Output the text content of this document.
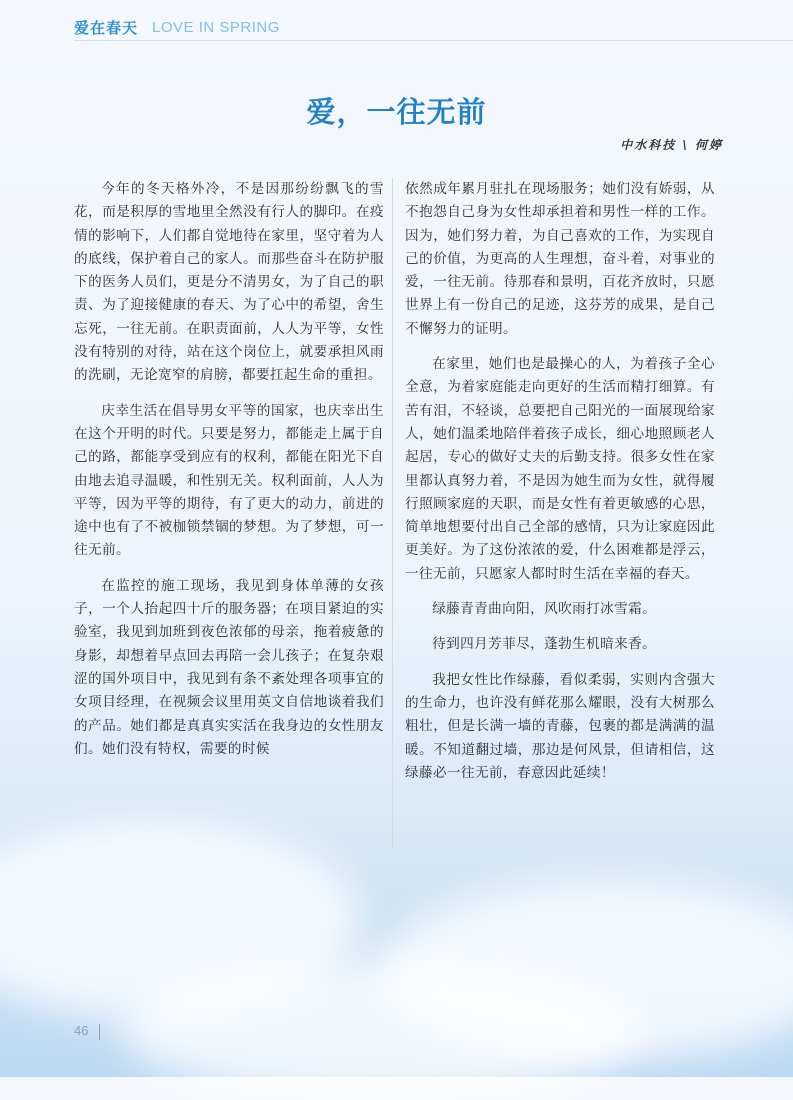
爱在春天 LOVE IN SPRING
爱，一往无前
中水科技 \ 何婷

今年的冬天格外冷，不是因那纷纷飘飞的雪花，而是积厚的雪地里全然没有行人的脚印。在疫情的影响下，人们都自觉地待在家里，坚守着为人的底线，保护着自己的家人。而那些奋斗在防护服下的医务人员们，更是分不清男女，为了自己的职责、为了迎接健康的春天、为了心中的希望，舍生忘死，一往无前。在职责面前，人人为平等，女性没有特别的对待，站在这个岗位上，就要承担风雨的洗刷，无论宽窄的肩膀，都要扛起生命的重担。

庆幸生活在倡导男女平等的国家，也庆幸出生在这个开明的时代。只要是努力，都能走上属于自己的路，都能享受到应有的权利，都能在阳光下自由地去追寻温暖，和性别无关。权利面前，人人为平等，因为平等的期待，有了更大的动力，前进的途中也有了不被枷锁禁锢的梦想。为了梦想，可一往无前。

在监控的施工现场，我见到身体单薄的女孩子，一个人抬起四十斤的服务器；在项目紧迫的实验室，我见到加班到夜色浓郁的母亲，拖着疲惫的身影，却想着早点回去再陪一会儿孩子；在复杂艰涩的国外项目中，我见到有条不紊处理各项事宜的女项目经理，在视频会议里用英文自信地谈着我们的产品。她们都是真真实实活在我身边的女性朋友们。她们没有特权，需要的时候

依然成年累月驻扎在现场服务；她们没有娇弱，从不抱怨自己身为女性却承担着和男性一样的工作。因为，她们努力着，为自己喜欢的工作，为实现自己的价值，为更高的人生理想，奋斗着，对事业的爱，一往无前。待那春和景明，百花齐放时，只愿世界上有一份自己的足迹，这芬芳的成果，是自己不懈努力的证明。

在家里，她们也是最操心的人，为着孩子全心全意，为着家庭能走向更好的生活而精打细算。有苦有泪，不轻谈，总要把自己阳光的一面展现给家人，她们温柔地陪伴着孩子成长，细心地照顾老人起居，专心的做好丈夫的后勤支持。很多女性在家里都认真努力着，不是因为她生而为女性，就得履行照顾家庭的天职，而是女性有着更敏感的心思，简单地想要付出自己全部的感情，只为让家庭因此更美好。为了这份浓浓的爱，什么困难都是浮云，一往无前，只愿家人都时时生活在幸福的春天。

绿藤青青曲向阳，风吹雨打冰雪霜。

待到四月芳菲尽，蓬勃生机暗来香。

我把女性比作绿藤，看似柔弱，实则内含强大的生命力，也许没有鲜花那么耀眼，没有大树那么粗壮，但是长满一墙的青藤，包裹的都是满满的温暖。不知道翻过墙，那边是何风景，但请相信，这绿藤必一往无前，春意因此延续！

46
